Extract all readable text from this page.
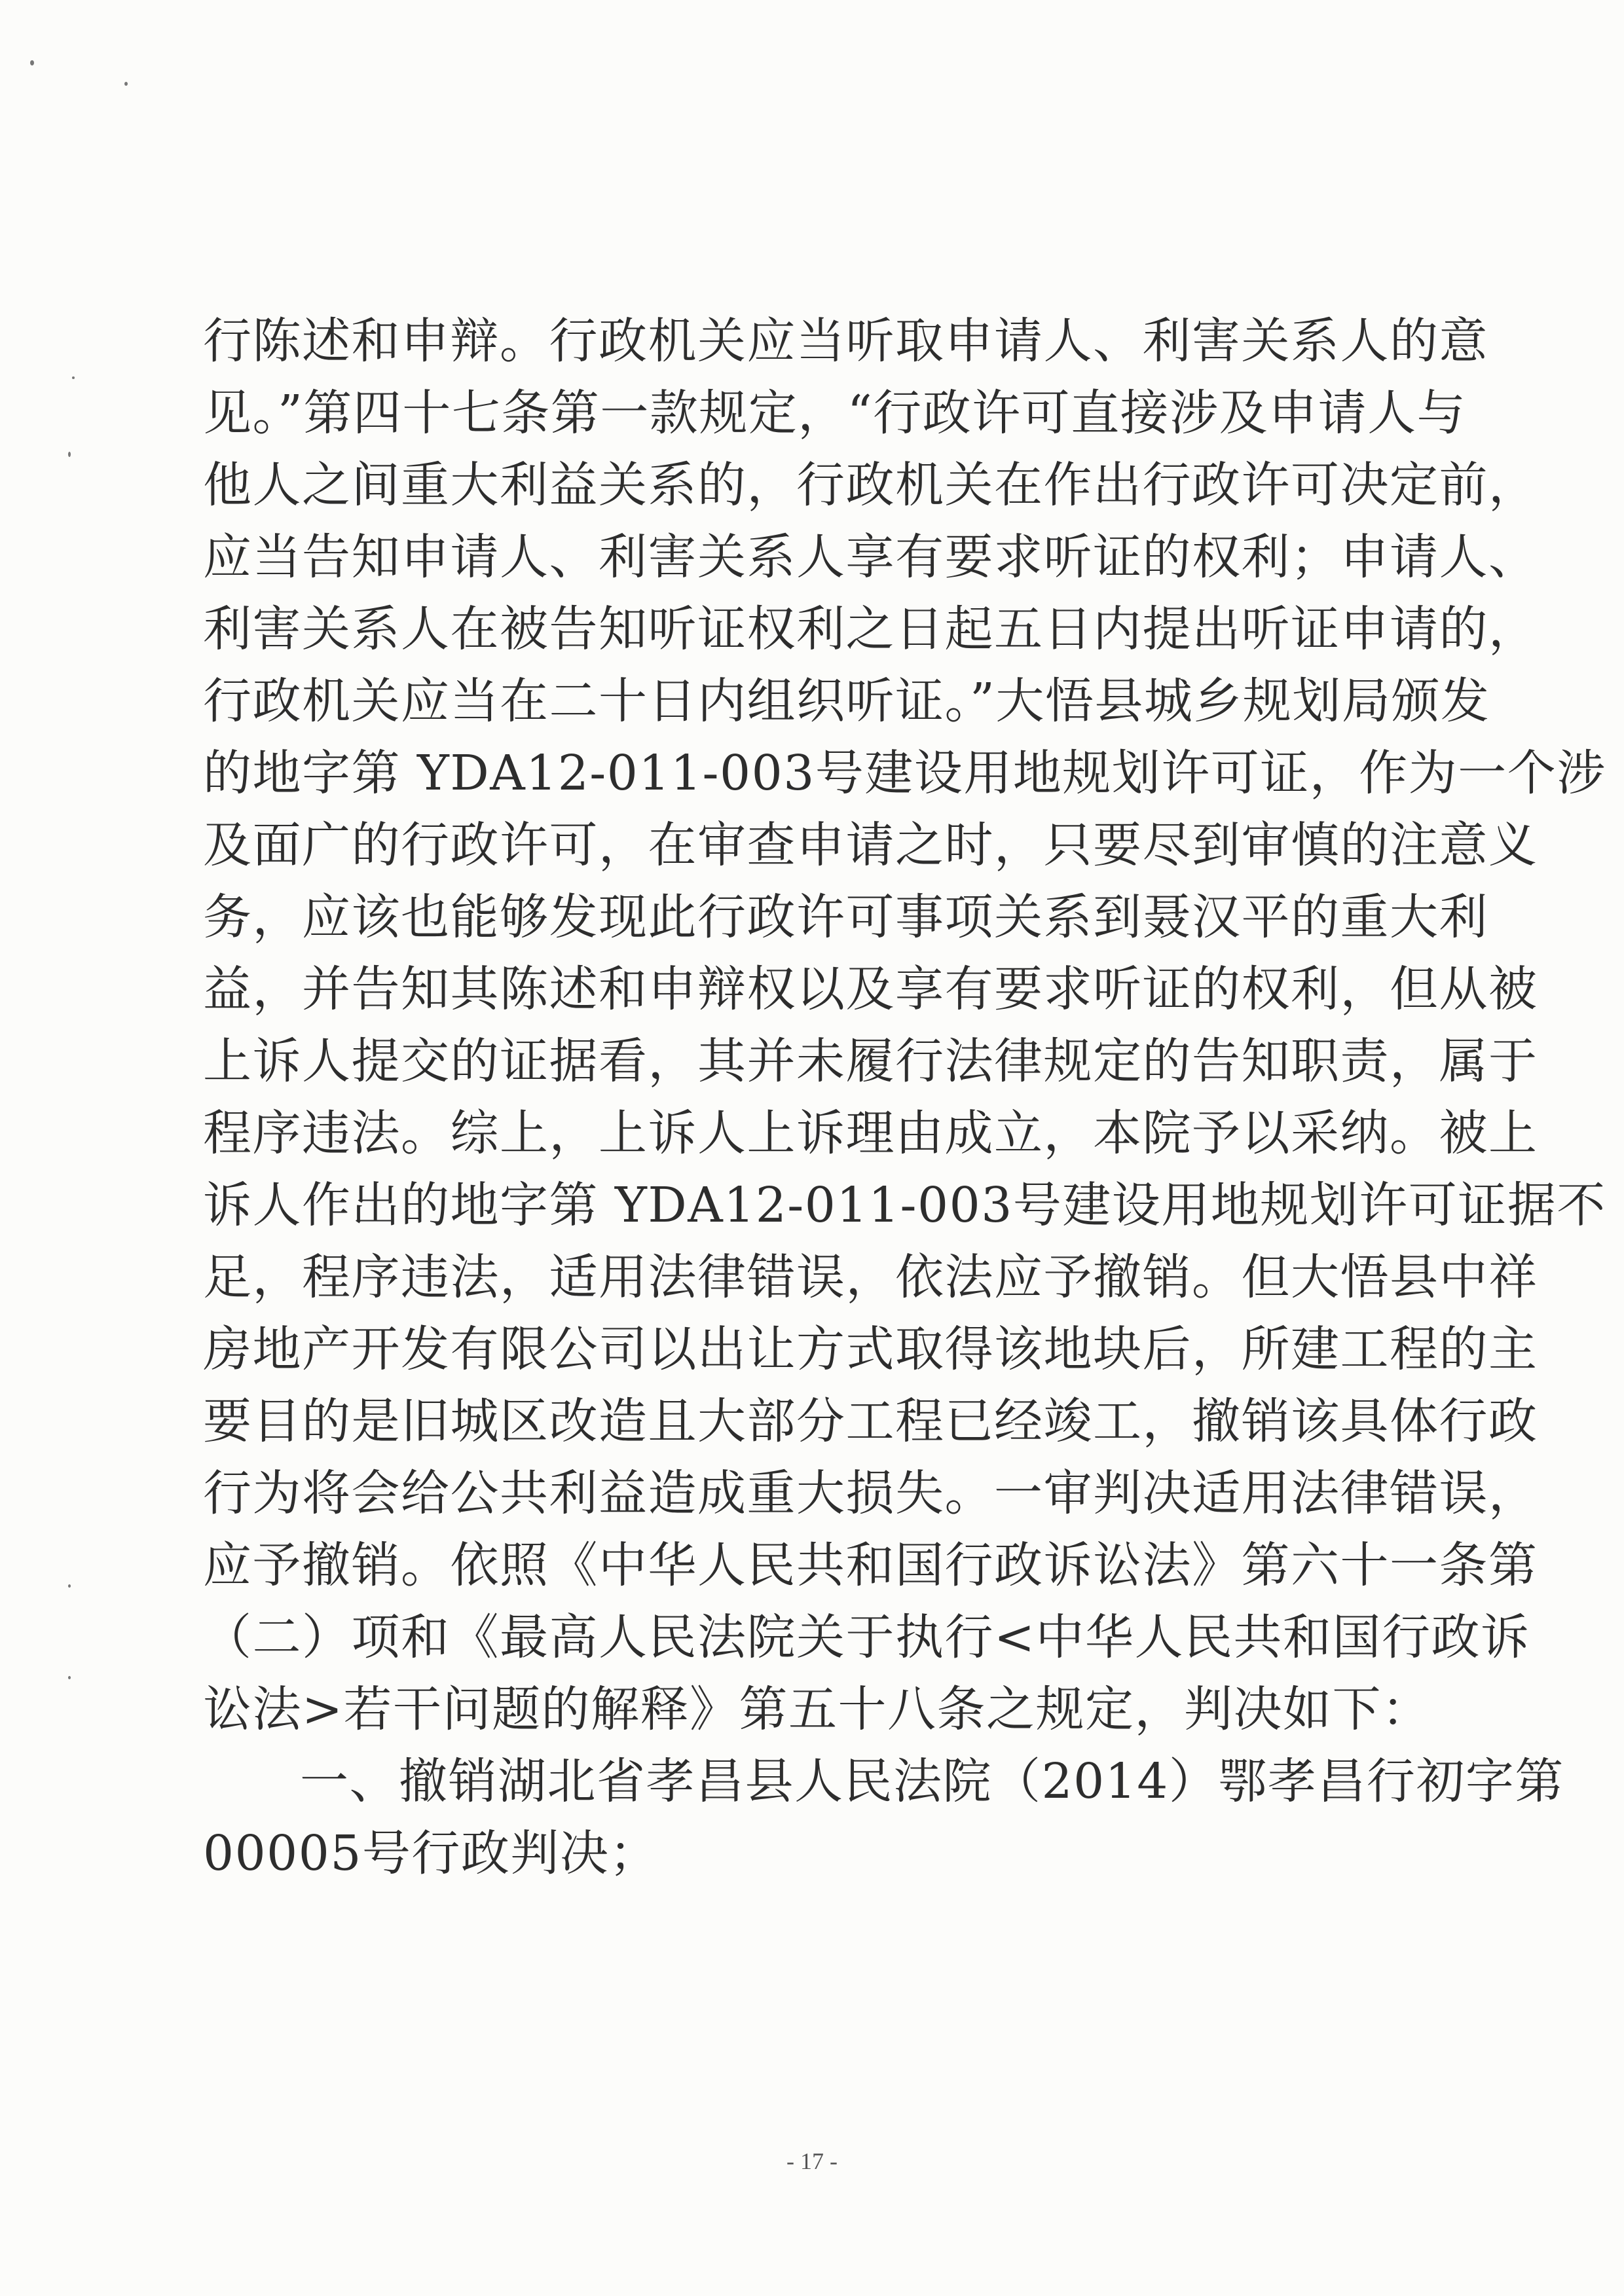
行陈述和申辩。行政机关应当听取申请人、利害关系人的意
见。”第四十七条第一款规定，“行政许可直接涉及申请人与
他人之间重大利益关系的，行政机关在作出行政许可决定前，
应当告知申请人、利害关系人享有要求听证的权利；申请人、
利害关系人在被告知听证权利之日起五日内提出听证申请的，
行政机关应当在二十日内组织听证。”大悟县城乡规划局颁发
的地字第 YDA12-011-003号建设用地规划许可证，作为一个涉
及面广的行政许可，在审查申请之时，只要尽到审慎的注意义
务，应该也能够发现此行政许可事项关系到聂汉平的重大利
益，并告知其陈述和申辩权以及享有要求听证的权利，但从被
上诉人提交的证据看，其并未履行法律规定的告知职责，属于
程序违法。综上，上诉人上诉理由成立，本院予以采纳。被上
诉人作出的地字第 YDA12-011-003号建设用地规划许可证据不
足，程序违法，适用法律错误，依法应予撤销。但大悟县中祥
房地产开发有限公司以出让方式取得该地块后，所建工程的主
要目的是旧城区改造且大部分工程已经竣工，撤销该具体行政
行为将会给公共利益造成重大损失。一审判决适用法律错误，
应予撤销。依照《中华人民共和国行政诉讼法》第六十一条第
（二）项和《最高人民法院关于执行<中华人民共和国行政诉
讼法>若干问题的解释》第五十八条之规定，判决如下：
一、撤销湖北省孝昌县人民法院（2014）鄂孝昌行初字第
00005号行政判决；
- 17 -
